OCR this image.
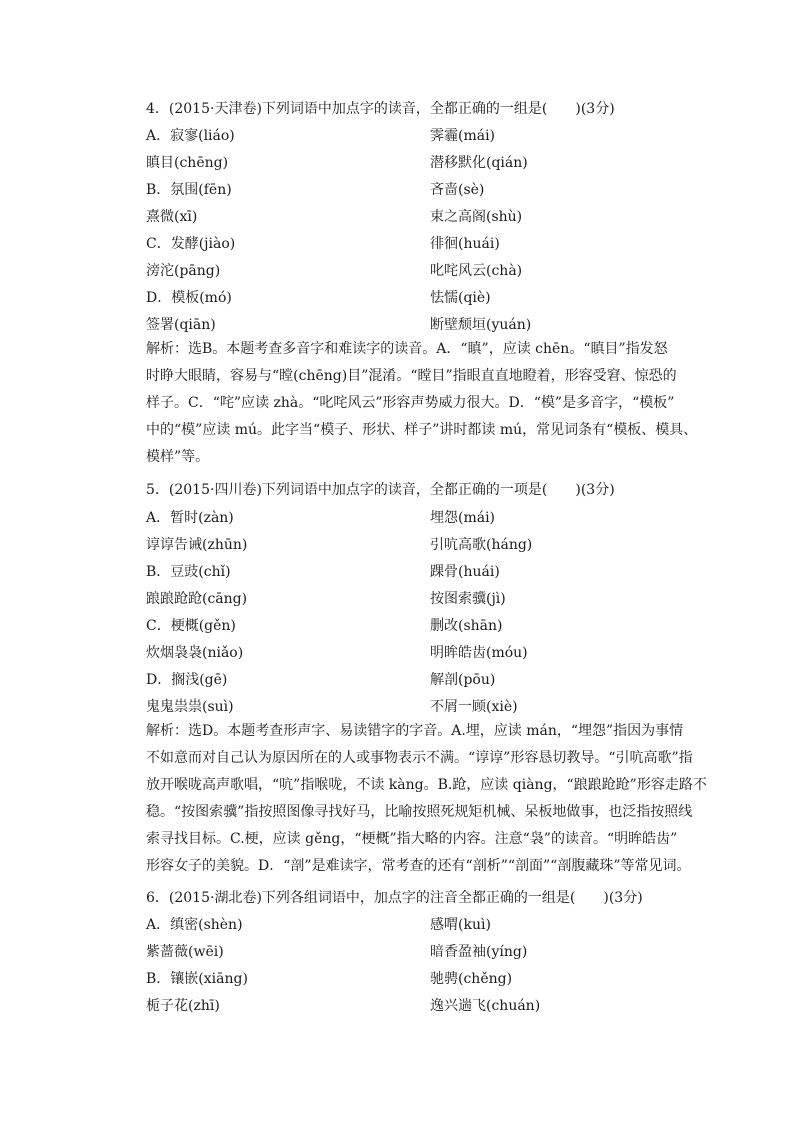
4．(2015·天津卷)下列词语中加点字的读音，全都正确的一组是(　　)(3分)
A．寂寥(liáo)	霁霾(mái)
瞋目(chēng)	潜移默化(qián)
B．氛围(fēn)	吝啬(sè)
熹微(xī)	束之高阁(shù)
C．发酵(jiào)	徘徊(huái)
滂沱(pāng)	叱咤风云(chà)
D．模板(mó)	怯懦(qiè)
签署(qiān)	断壁颓垣(yuán)
解析：选B。本题考查多音字和难读字的读音。A．“瞋”，应读 chēn。“瞋目”指发怒
时睁大眼睛，容易与“瞠(chēng)目”混淆。“瞠目”指眼直直地瞪着，形容受窘、惊恐的
样子。C．“咤”应读 zhà。“叱咤风云”形容声势威力很大。D．“模”是多音字，“模板”
中的“模”应读 mú。此字当“模子、形状、样子”讲时都读 mú，常见词条有“模板、模具、
模样”等。
5．(2015·四川卷)下列词语中加点字的读音，全都正确的一项是(　　)(3分)
A．暂时(zàn)	埋怨(mái)
谆谆告诫(zhūn)	引吭高歌(háng)
B．豆豉(chǐ)	踝骨(huái)
踉踉跄跄(cāng)	按图索骥(jì)
C．梗概(gěn)	删改(shān)
炊烟袅袅(niǎo)	明眸皓齿(móu)
D．搁浅(gē)	解剖(pōu)
鬼鬼祟祟(suì)	不屑一顾(xiè)
解析：选D。本题考查形声字、易读错字的字音。A.埋，应读 mán，“埋怨”指因为事情
不如意而对自己认为原因所在的人或事物表示不满。“谆谆”形容恳切教导。“引吭高歌”指
放开喉咙高声歌唱，“吭”指喉咙，不读 kàng。B.跄，应读 qiàng，“踉踉跄跄”形容走路不
稳。“按图索骥”指按照图像寻找好马，比喻按照死规矩机械、呆板地做事，也泛指按照线
索寻找目标。C.梗，应读 gěng，“梗概”指大略的内容。注意“袅”的读音。“明眸皓齿”
形容女子的美貌。D．“剖”是难读字，常考查的还有“剖析”“剖面”“剖腹藏珠”等常见词。
6．(2015·湖北卷)下列各组词语中，加点字的注音全都正确的一组是(　　)(3分)
A．缜密(shèn)	感喟(kuì)
紫蔷薇(wēi)	暗香盈袖(yíng)
B．镶嵌(xiāng)	驰骋(chěng)
栀子花(zhī)	逸兴遄飞(chuán)
